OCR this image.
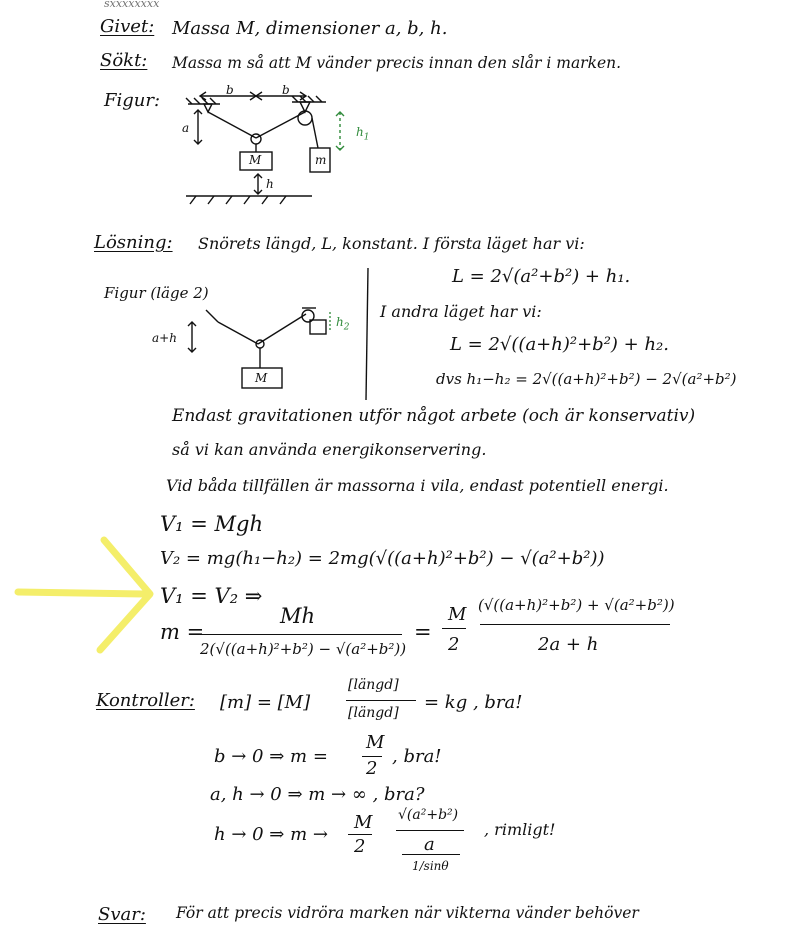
sxxxxxxxx
Givet: Massa M, dimensioner a, b, h.
Sökt: Massa m så att M vänder precis innan den slår i marken.
Figur:	b	b
a
M	m
h
$h_1$
Lösning: Snörets längd, L, konstant. I första läget har vi:
L = 2√(a²+b²) + h₁.
Figur (läge 2)
a+h
M
$h_2$
I andra läget har vi:
L = 2√((a+h)²+b²) + h₂.
dvs h₁−h₂ = 2√((a+h)²+b²) − 2√(a²+b²)
Endast gravitationen utför något arbete (och är konservativ)
så vi kan använda energikonservering.
Vid båda tillfällen är massorna i vila, endast potentiell energi.
V₁ = Mgh
V₂ = mg(h₁−h₂) = 2mg(√((a+h)²+b²) − √(a²+b²))
V₁ = V₂ ⇒
m =
Mh
2(√((a+h)²+b²) − √(a²+b²))
=
M
2
(√((a+h)²+b²) + √(a²+b²))
2a + h
Kontroller: [m] = [M]
[längd]
[längd] = kg , bra!
b → 0 ⇒ m =
M
2
, bra!
a, h → 0 ⇒ m → ∞ , bra?
h → 0 ⇒ m →
M
2
√(a²+b²)
a
1/sinθ
, rimligt!
Svar: För att precis vidröra marken när vikterna vänder behöver
